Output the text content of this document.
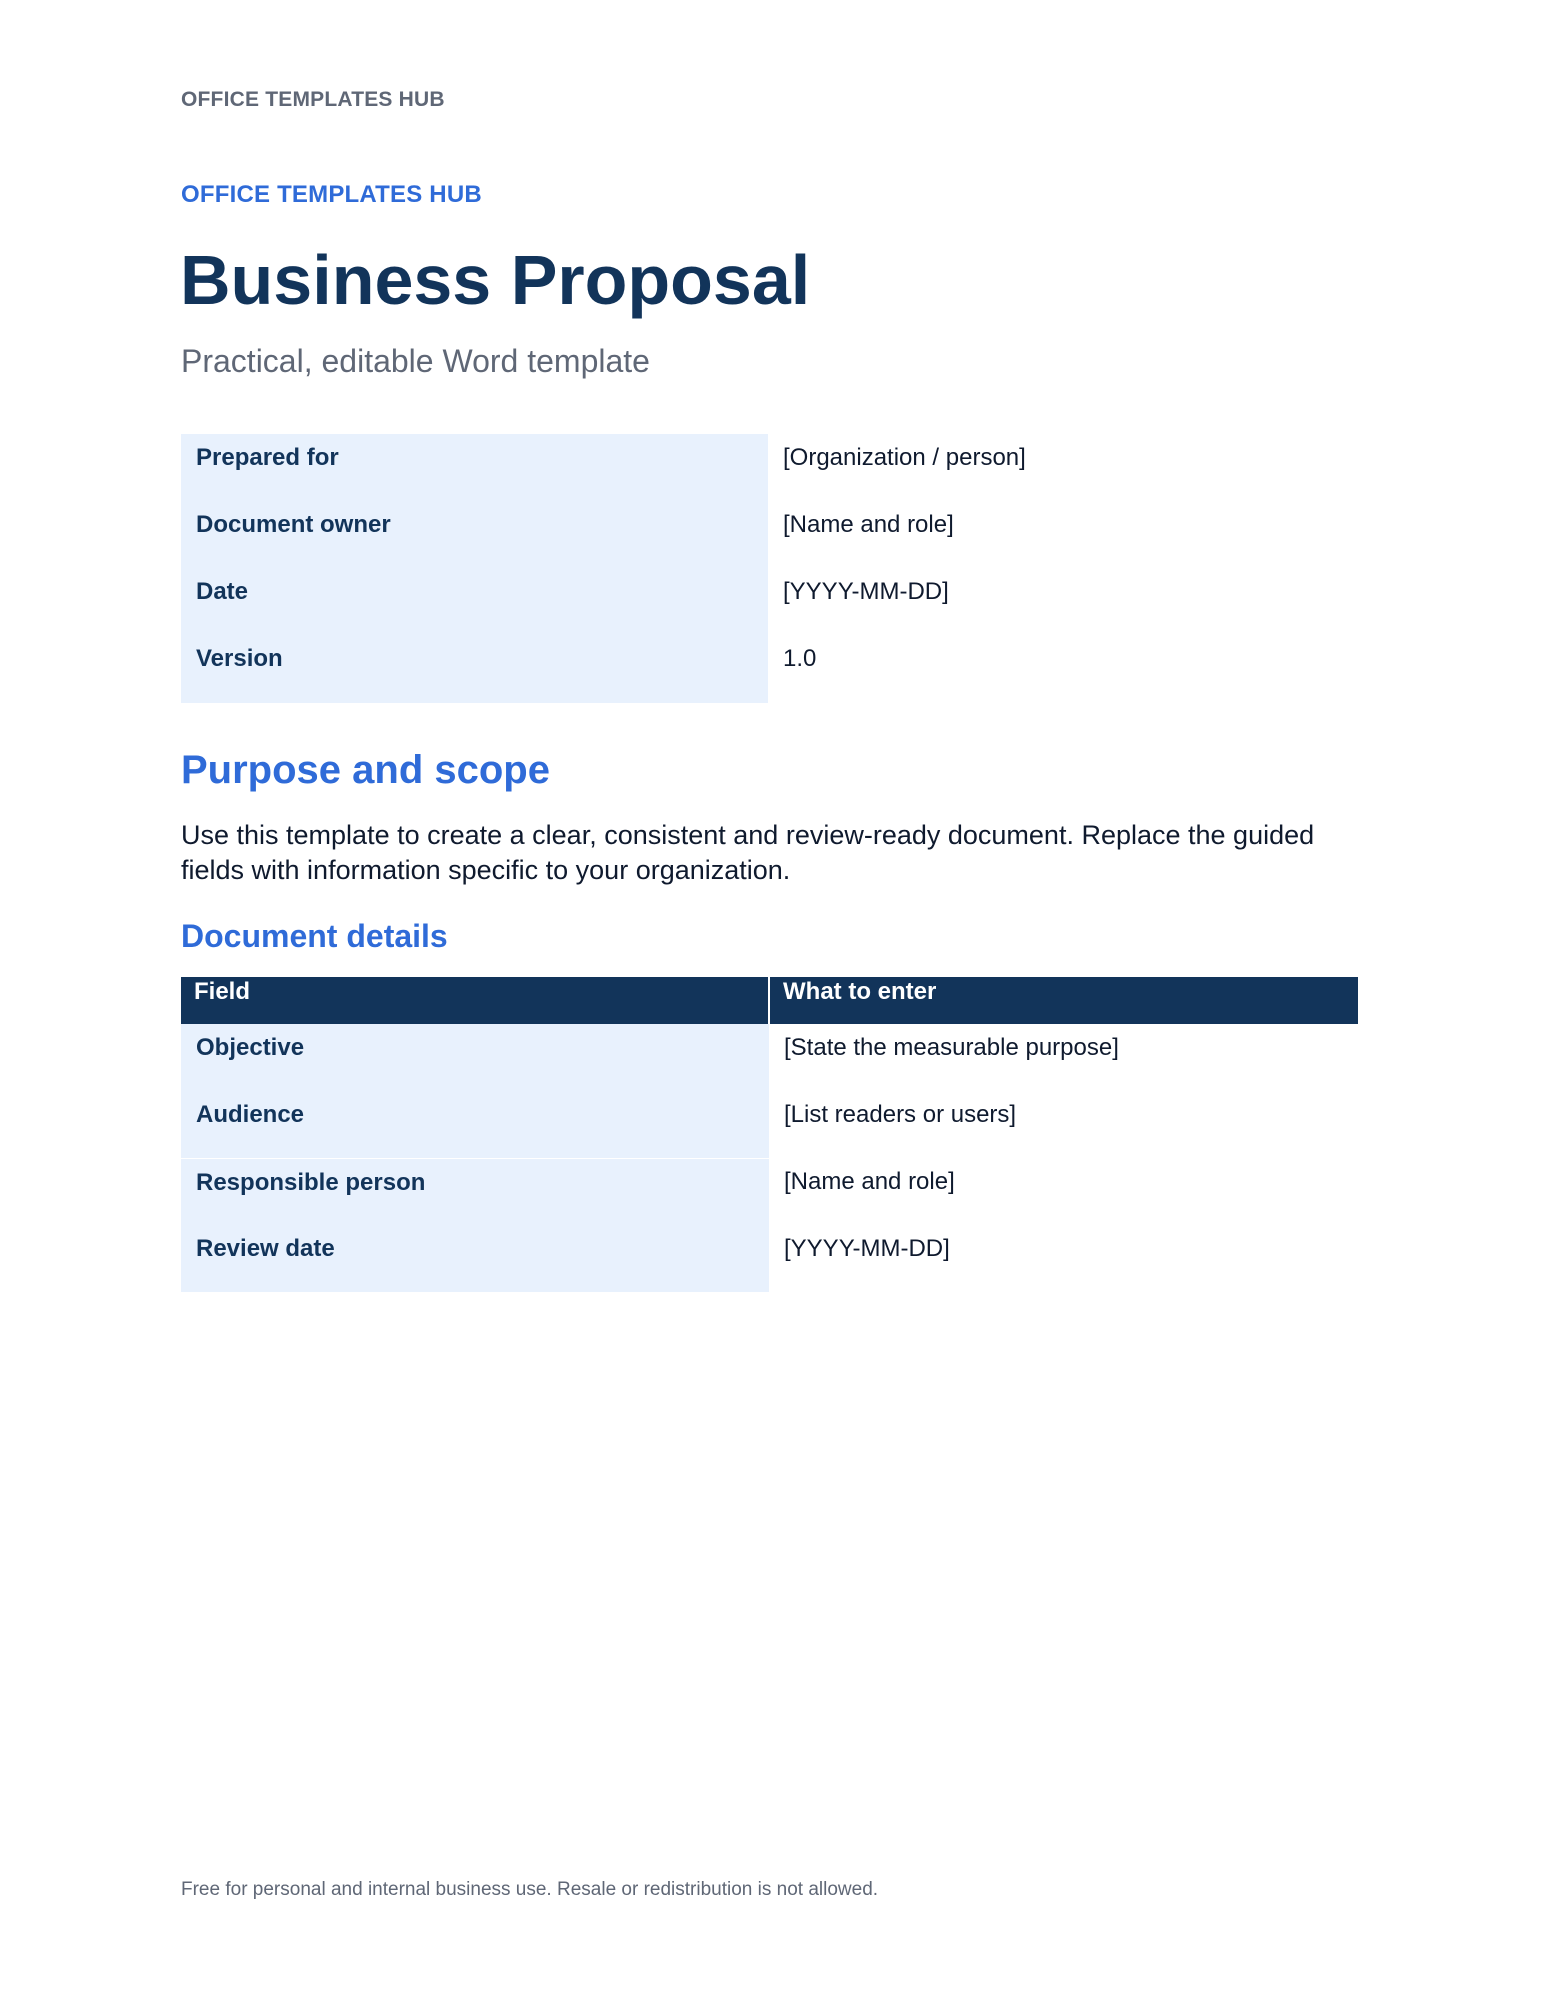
OFFICE TEMPLATES HUB
OFFICE TEMPLATES HUB
Business Proposal
Practical, editable Word template
Prepared for	[Organization / person]
Document owner	[Name and role]
Date	[YYYY-MM-DD]
Version	1.0
Purpose and scope

Use this template to create a clear, consistent and review-ready document. Replace the guided fields with information specific to your organization.

Document details
Field	What to enter
Objective	[State the measurable purpose]
Audience	[List readers or users]
Responsible person	[Name and role]
Review date	[YYYY-MM-DD]
Free for personal and internal business use. Resale or redistribution is not allowed.
